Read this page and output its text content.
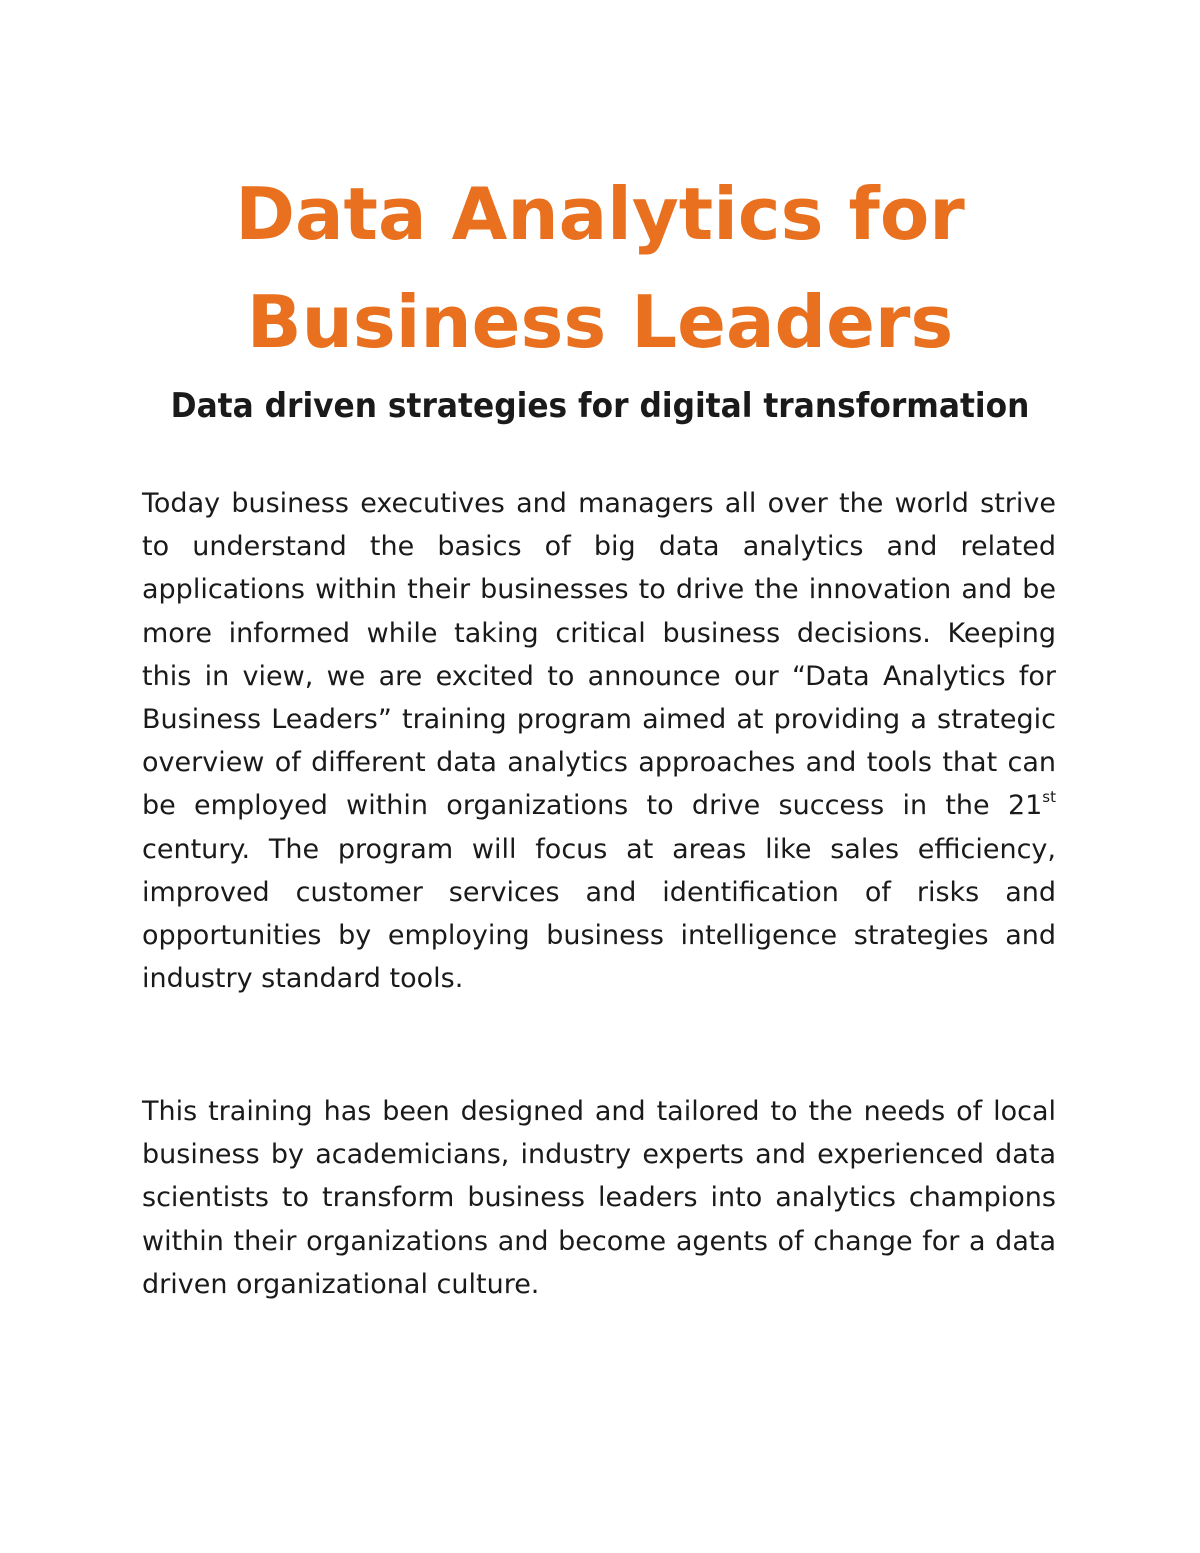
Data Analytics for
Business Leaders
Data driven strategies for digital transformation

Today business executives and managers all over the world strive to understand the basics of big data analytics and related applications within their businesses to drive the innovation and be more informed while taking critical business decisions. Keeping this in view, we are excited to announce our “Data Analytics for Business Leaders” training program aimed at providing a strategic overview of different data analytics approaches and tools that can be employed within organizations to drive success in the 21st century. The program will focus at areas like sales efficiency, improved customer services and identification of risks and opportunities by employing business intelligence strategies and industry standard tools.

This training has been designed and tailored to the needs of local business by academicians, industry experts and experienced data scientists to transform business leaders into analytics champions within their organizations and become agents of change for a data driven organizational culture.
